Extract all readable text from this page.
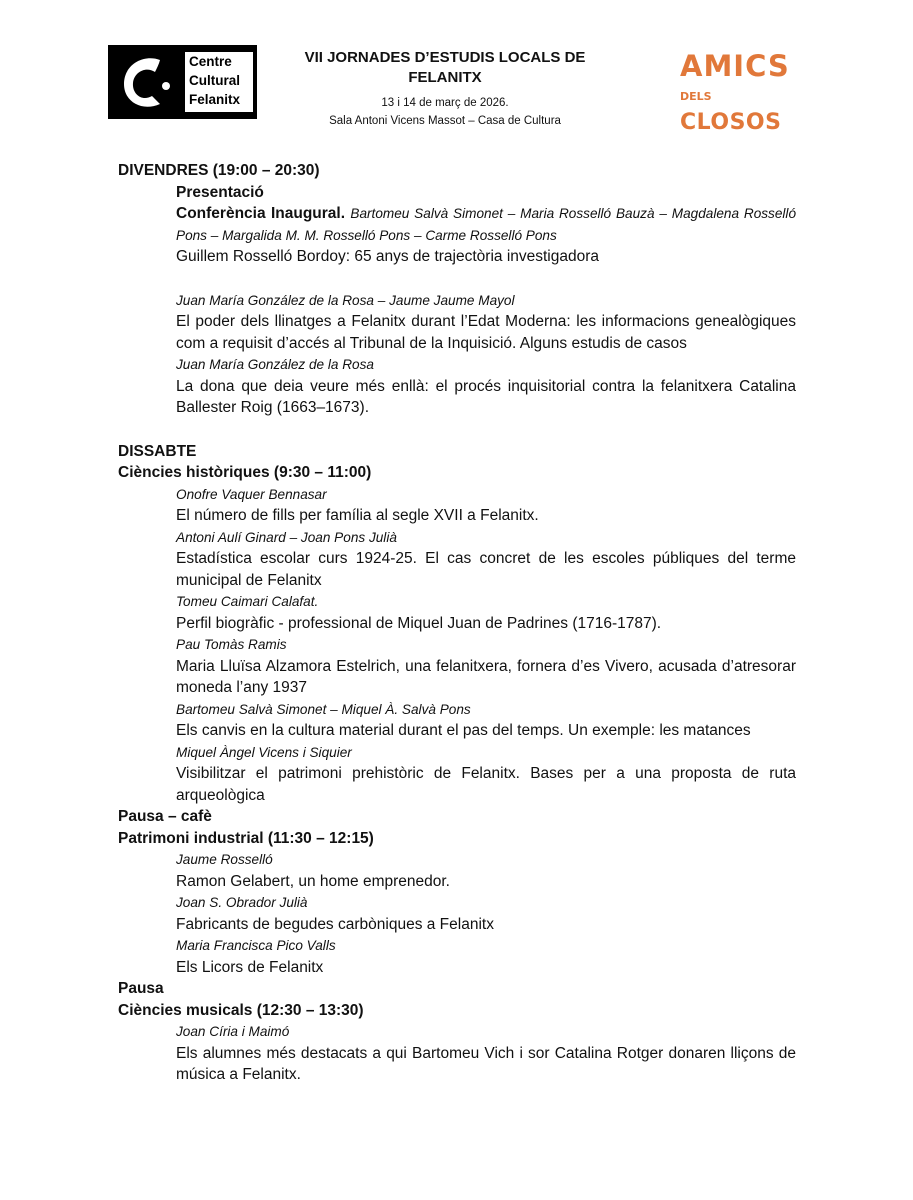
Centre
Cultural
Felanitx
VII JORNADES D’ESTUDIS LOCALS DE FELANITX
13 i 14 de març de 2026.
Sala Antoni Vicens Massot – Casa de Cultura
AMICS
DELS CLOSOS
DIVENDRES (19:00 – 20:30)
Presentació
Conferència Inaugural. Bartomeu Salvà Simonet – Maria Rosselló Bauzà – Magdalena Rosselló Pons – Margalida M. M. Rosselló Pons – Carme Rosselló Pons
Guillem Rosselló Bordoy: 65 anys de trajectòria investigadora
Juan María González de la Rosa – Jaume Jaume Mayol
El poder dels llinatges a Felanitx durant l’Edat Moderna: les informacions genealògiques com a requisit d’accés al Tribunal de la Inquisició. Alguns estudis de casos
Juan María González de la Rosa
La dona que deia veure més enllà: el procés inquisitorial contra la felanitxera Catalina Ballester Roig (1663–1673).
DISSABTE
Ciències històriques (9:30 – 11:00)
Onofre Vaquer Bennasar
El número de fills per família al segle XVII a Felanitx.
Antoni Aulí Ginard – Joan Pons Julià
Estadística escolar curs 1924-25. El cas concret de les escoles públiques del terme municipal de Felanitx
Tomeu Caimari Calafat.
Perfil biogràfic - professional de Miquel Juan de Padrines (1716-1787).
Pau Tomàs Ramis
Maria Lluïsa Alzamora Estelrich, una felanitxera, fornera d’es Vivero, acusada d’atresorar moneda l’any 1937
Bartomeu Salvà Simonet – Miquel À. Salvà Pons
Els canvis en la cultura material durant el pas del temps. Un exemple: les matances
Miquel Àngel Vicens i Siquier
Visibilitzar el patrimoni prehistòric de Felanitx. Bases per a una proposta de ruta arqueològica
Pausa – cafè
Patrimoni industrial (11:30 – 12:15)
Jaume Rosselló
Ramon Gelabert, un home emprenedor.
Joan S. Obrador Julià
Fabricants de begudes carbòniques a Felanitx
Maria Francisca Pico Valls
Els Licors de Felanitx
Pausa
Ciències musicals (12:30 – 13:30)
Joan Círia i Maimó
Els alumnes més destacats a qui Bartomeu Vich i sor Catalina Rotger donaren lliçons de música a Felanitx.
